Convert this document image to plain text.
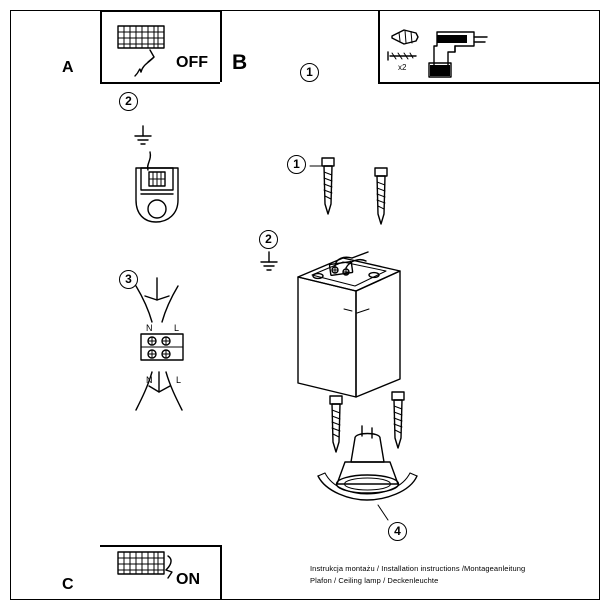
A	B
OFF
C	ON
1
2
3
1
2
4
Instrukcja montażu / Installation instructions /Montageanleitung
Plafon / Ceiling lamp / Deckenleuchte
x2
N L
N	L
